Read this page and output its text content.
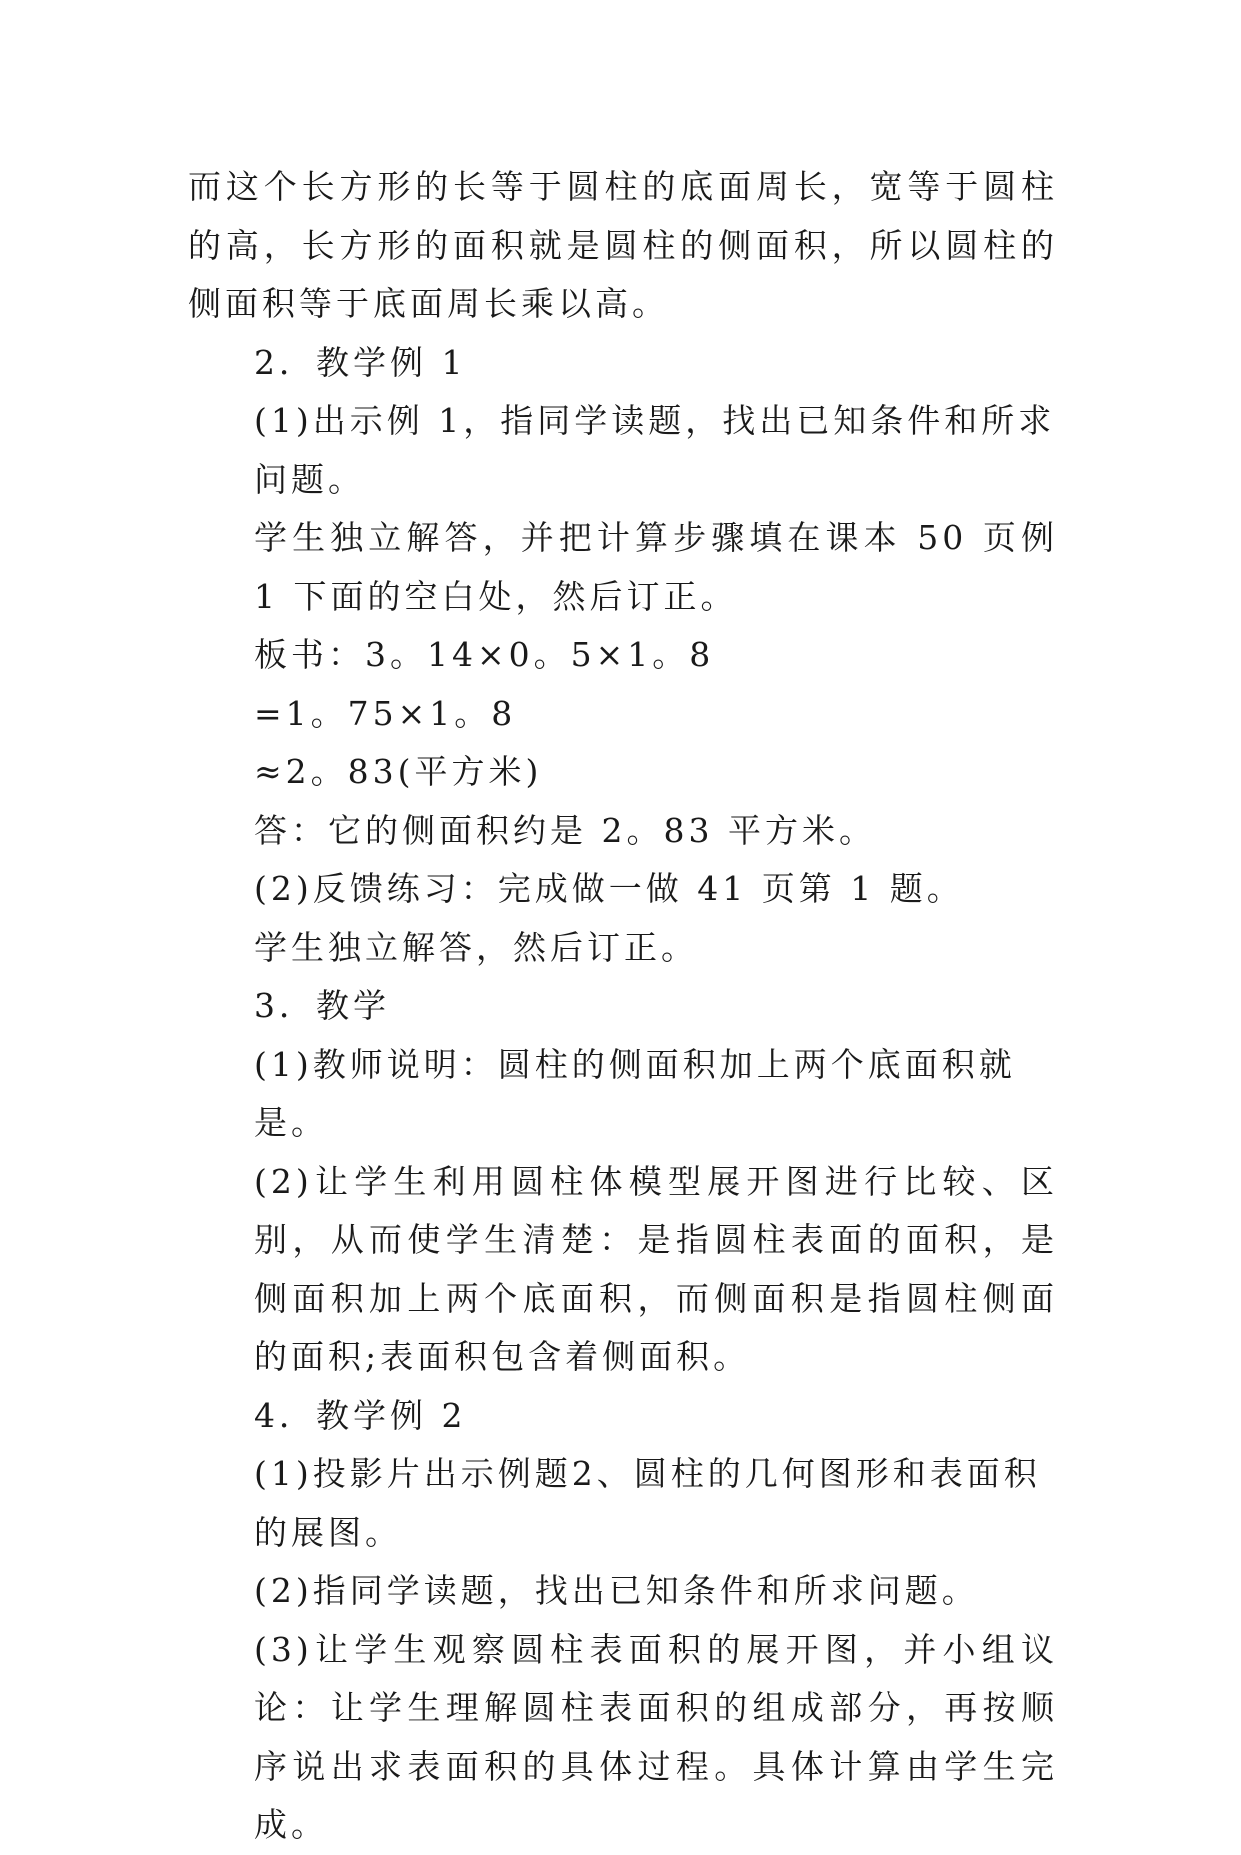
而这个长方形的长等于圆柱的底面周长，宽等于圆柱的高，长方形的面积就是圆柱的侧面积，所以圆柱的侧面积等于底面周长乘以高。

2．教学例 1

(1)出示例 1，指同学读题，找出已知条件和所求问题。

学生独立解答，并把计算步骤填在课本 50 页例 1 下面的空白处，然后订正。

板书：3。14×0。5×1。8

=1。75×1。8

≈2。83(平方米)

答：它的侧面积约是 2。83 平方米。

(2)反馈练习：完成做一做 41 页第 1 题。

学生独立解答，然后订正。

3．教学

(1)教师说明：圆柱的侧面积加上两个底面积就是。

(2)让学生利用圆柱体模型展开图进行比较、区别，从而使学生清楚：是指圆柱表面的面积，是侧面积加上两个底面积，而侧面积是指圆柱侧面的面积;表面积包含着侧面积。

4．教学例 2

(1)投影片出示例题2、圆柱的几何图形和表面积的展图。

(2)指同学读题，找出已知条件和所求问题。

(3)让学生观察圆柱表面积的展开图，并小组议论：让学生理解圆柱表面积的组成部分，再按顺序说出求表面积的具体过程。具体计算由学生完成。
